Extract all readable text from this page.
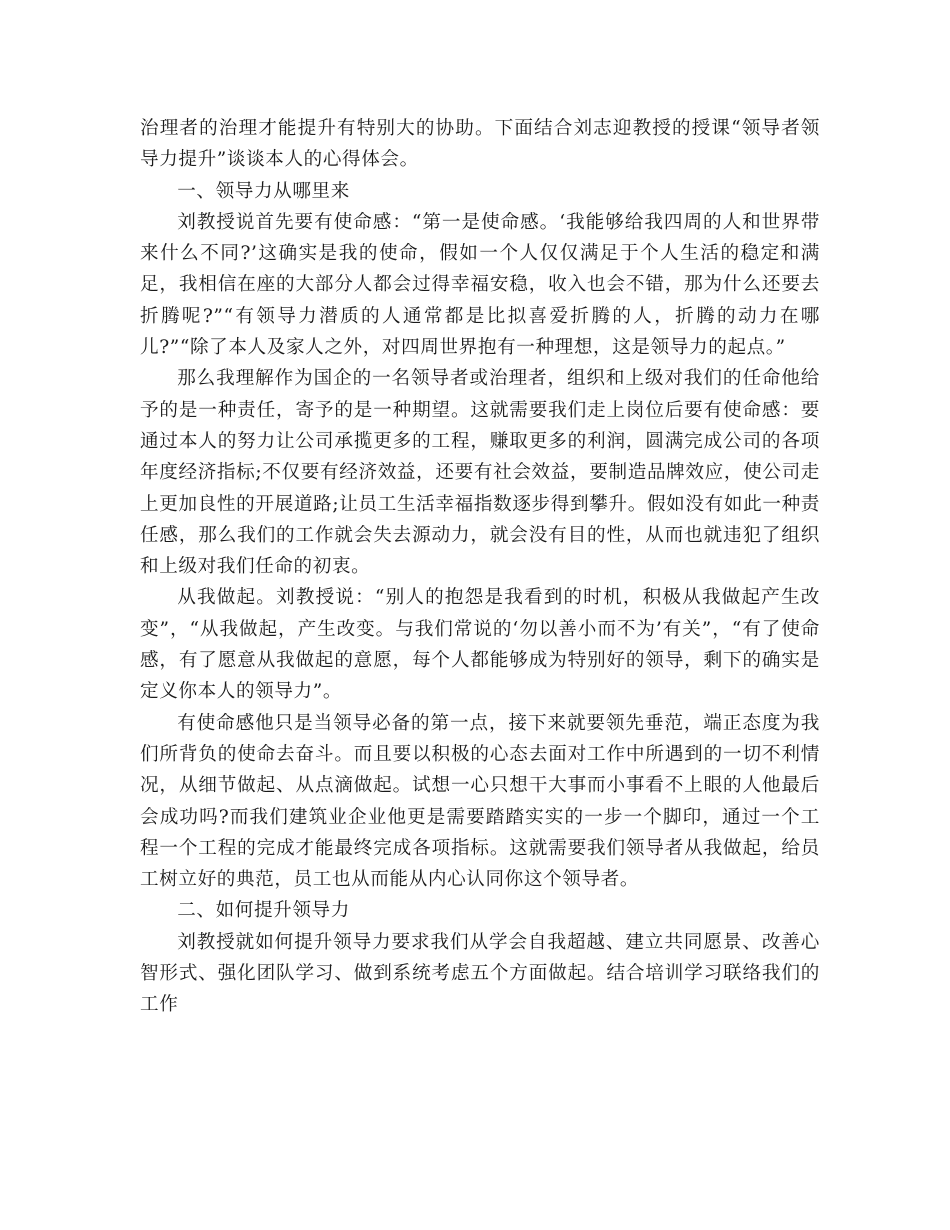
治理者的治理才能提升有特别大的协助。下面结合刘志迎教授的授课“领导者领导力提升”谈谈本人的心得体会。

一、领导力从哪里来

刘教授说首先要有使命感：“第一是使命感。‘我能够给我四周的人和世界带来什么不同?’这确实是我的使命，假如一个人仅仅满足于个人生活的稳定和满足，我相信在座的大部分人都会过得幸福安稳，收入也会不错，那为什么还要去折腾呢?”“有领导力潜质的人通常都是比拟喜爱折腾的人，折腾的动力在哪儿?”“除了本人及家人之外，对四周世界抱有一种理想，这是领导力的起点。”

那么我理解作为国企的一名领导者或治理者，组织和上级对我们的任命他给予的是一种责任，寄予的是一种期望。这就需要我们走上岗位后要有使命感：要通过本人的努力让公司承揽更多的工程，赚取更多的利润，圆满完成公司的各项年度经济指标;不仅要有经济效益，还要有社会效益，要制造品牌效应，使公司走上更加良性的开展道路;让员工生活幸福指数逐步得到攀升。假如没有如此一种责任感，那么我们的工作就会失去源动力，就会没有目的性，从而也就违犯了组织和上级对我们任命的初衷。

从我做起。刘教授说：“别人的抱怨是我看到的时机，积极从我做起产生改变”，“从我做起，产生改变。与我们常说的‘勿以善小而不为’有关”，“有了使命感，有了愿意从我做起的意愿，每个人都能够成为特别好的领导，剩下的确实是定义你本人的领导力”。

有使命感他只是当领导必备的第一点，接下来就要领先垂范，端正态度为我们所背负的使命去奋斗。而且要以积极的心态去面对工作中所遇到的一切不利情况，从细节做起、从点滴做起。试想一心只想干大事而小事看不上眼的人他最后会成功吗?而我们建筑业企业他更是需要踏踏实实的一步一个脚印，通过一个工程一个工程的完成才能最终完成各项指标。这就需要我们领导者从我做起，给员工树立好的典范，员工也从而能从内心认同你这个领导者。

二、如何提升领导力

刘教授就如何提升领导力要求我们从学会自我超越、建立共同愿景、改善心智形式、强化团队学习、做到系统考虑五个方面做起。结合培训学习联络我们的工作
